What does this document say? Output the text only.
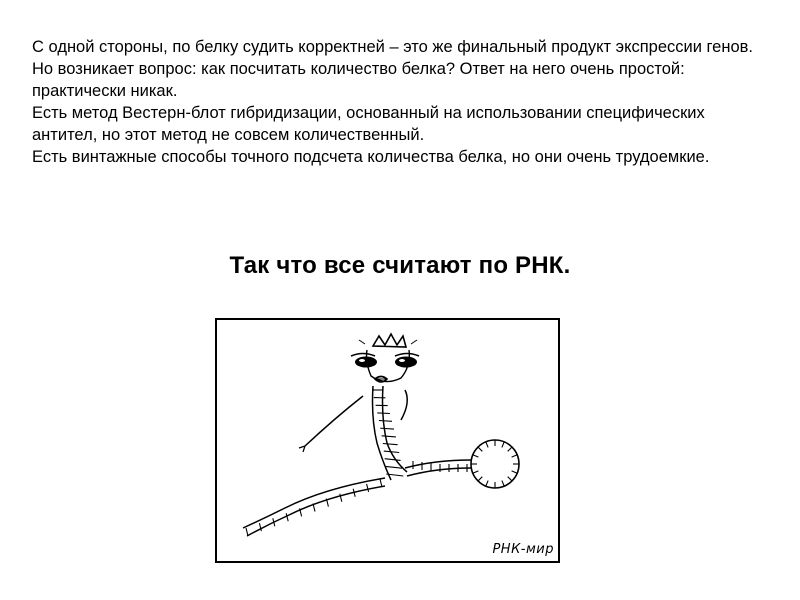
С одной стороны, по белку судить корректней – это же финальный продукт экспрессии генов.

Но возникает вопрос: как посчитать количество белка? Ответ на него очень простой: практически никак.

Есть метод Вестерн-блот гибридизации, основанный на использовании специфических антител, но этот метод не совсем количественный.

Есть винтажные способы точного подсчета количества белка, но они очень трудоемкие.

Так что все считают по РНК.
РНК-мир
